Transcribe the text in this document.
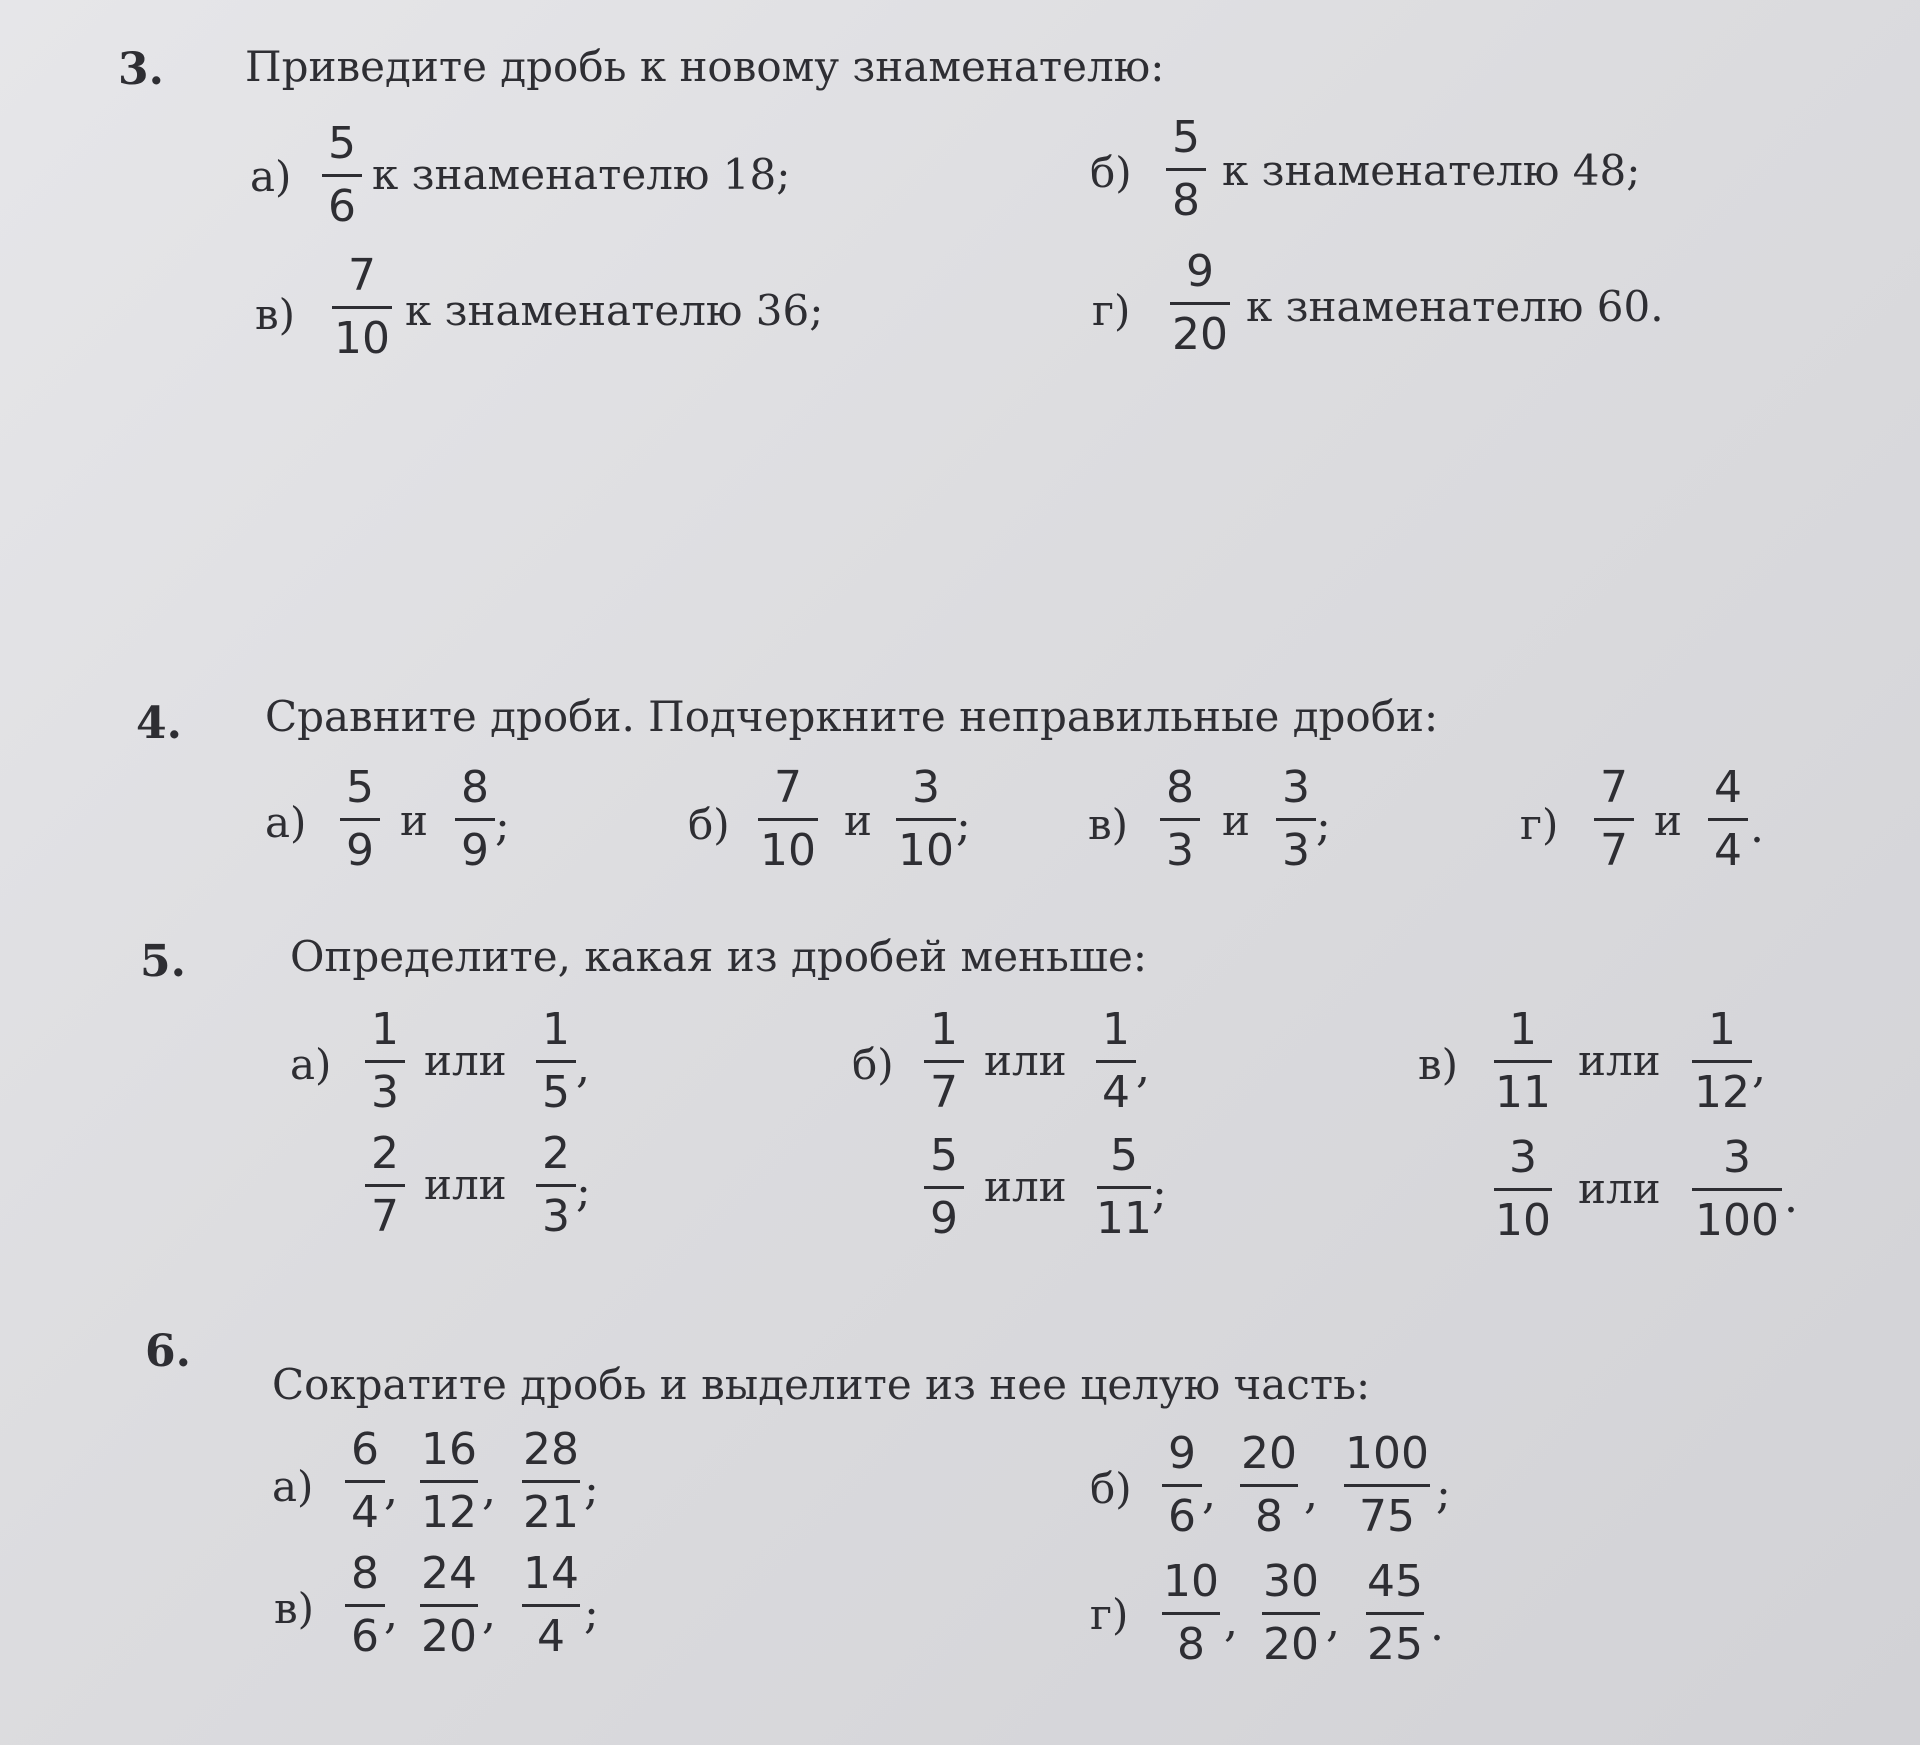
3. Приведите дробь к новому знаменателю:
а)
5
6
к знаменателю 18;	б)
5
8
к знаменателю 48;
в)
7
10
к знаменателю 36;	г)
9
20
к знаменателю 60.
4. Сравните дроби. Подчеркните неправильные дроби:
а)
5
9
и
8
9 ;	б)
7
10
и
3
10 ;	в)
8
3
и
3
3 ;	г)
7
7
и
4
4 .
5. Определите, какая из дробей меньше:
а)
1
3
или
1
5 ,
2
7
или
2
3 ;
б)
1
7
или
1
4 ,
5
9
или
5
11 ;
в)
1
11
или
1
12 ,
3
10
или
3
100 .
6.
Сократите дробь и выделите из нее целую часть:
а)
6
4 ,
16
12 ,
28
21 ;	б)
9
6 ,
20
8 ,
100
75 ;
в)
8
6 ,
24
20 ,
14
4 ;	г)
10
8 ,
30
20 ,
45
25 .
